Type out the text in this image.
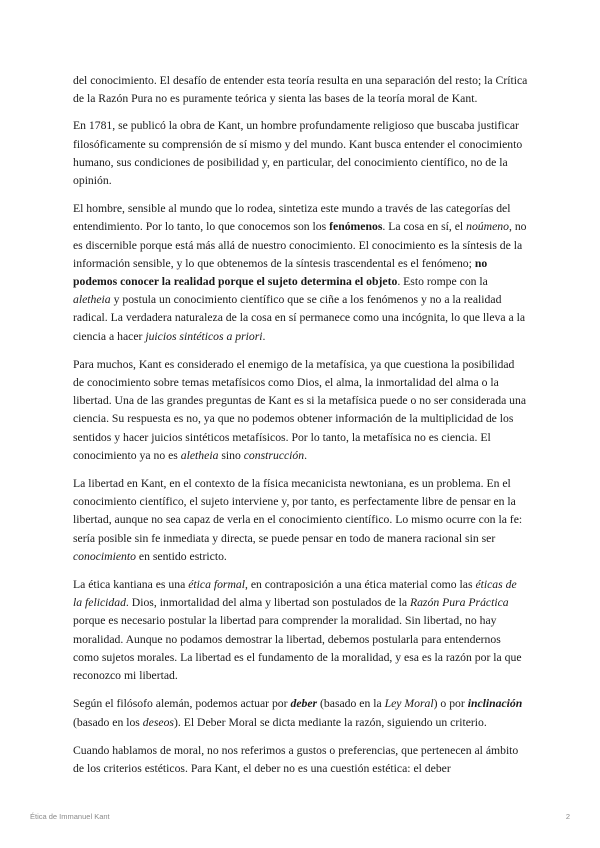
del conocimiento. El desafío de entender esta teoría resulta en una separación del resto; la Crítica de la Razón Pura no es puramente teórica y sienta las bases de la teoría moral de Kant.

En 1781, se publicó la obra de Kant, un hombre profundamente religioso que buscaba justificar filosóficamente su comprensión de sí mismo y del mundo. Kant busca entender el conocimiento humano, sus condiciones de posibilidad y, en particular, del conocimiento científico, no de la opinión.

El hombre, sensible al mundo que lo rodea, sintetiza este mundo a través de las categorías del entendimiento. Por lo tanto, lo que conocemos son los fenómenos. La cosa en sí, el noúmeno, no es discernible porque está más allá de nuestro conocimiento. El conocimiento es la síntesis de la información sensible, y lo que obtenemos de la síntesis trascendental es el fenómeno; no podemos conocer la realidad porque el sujeto determina el objeto. Esto rompe con la aletheia y postula un conocimiento científico que se ciñe a los fenómenos y no a la realidad radical. La verdadera naturaleza de la cosa en sí permanece como una incógnita, lo que lleva a la ciencia a hacer juicios sintéticos a priori.

Para muchos, Kant es considerado el enemigo de la metafísica, ya que cuestiona la posibilidad de conocimiento sobre temas metafísicos como Dios, el alma, la inmortalidad del alma o la libertad. Una de las grandes preguntas de Kant es si la metafísica puede o no ser considerada una ciencia. Su respuesta es no, ya que no podemos obtener información de la multiplicidad de los sentidos y hacer juicios sintéticos metafísicos. Por lo tanto, la metafísica no es ciencia. El conocimiento ya no es aletheia sino construcción.

La libertad en Kant, en el contexto de la física mecanicista newtoniana, es un problema. En el conocimiento científico, el sujeto interviene y, por tanto, es perfectamente libre de pensar en la libertad, aunque no sea capaz de verla en el conocimiento científico. Lo mismo ocurre con la fe: sería posible sin fe inmediata y directa, se puede pensar en todo de manera racional sin ser conocimiento en sentido estricto.

La ética kantiana es una ética formal, en contraposición a una ética material como las éticas de la felicidad. Dios, inmortalidad del alma y libertad son postulados de la Razón Pura Práctica porque es necesario postular la libertad para comprender la moralidad. Sin libertad, no hay moralidad. Aunque no podamos demostrar la libertad, debemos postularla para entendernos como sujetos morales. La libertad es el fundamento de la moralidad, y esa es la razón por la que reconozco mi libertad.

Según el filósofo alemán, podemos actuar por deber (basado en la Ley Moral) o por inclinación (basado en los deseos). El Deber Moral se dicta mediante la razón, siguiendo un criterio.

Cuando hablamos de moral, no nos referimos a gustos o preferencias, que pertenecen al ámbito de los criterios estéticos. Para Kant, el deber no es una cuestión estética: el deber

Ética de Immanuel Kant	2
